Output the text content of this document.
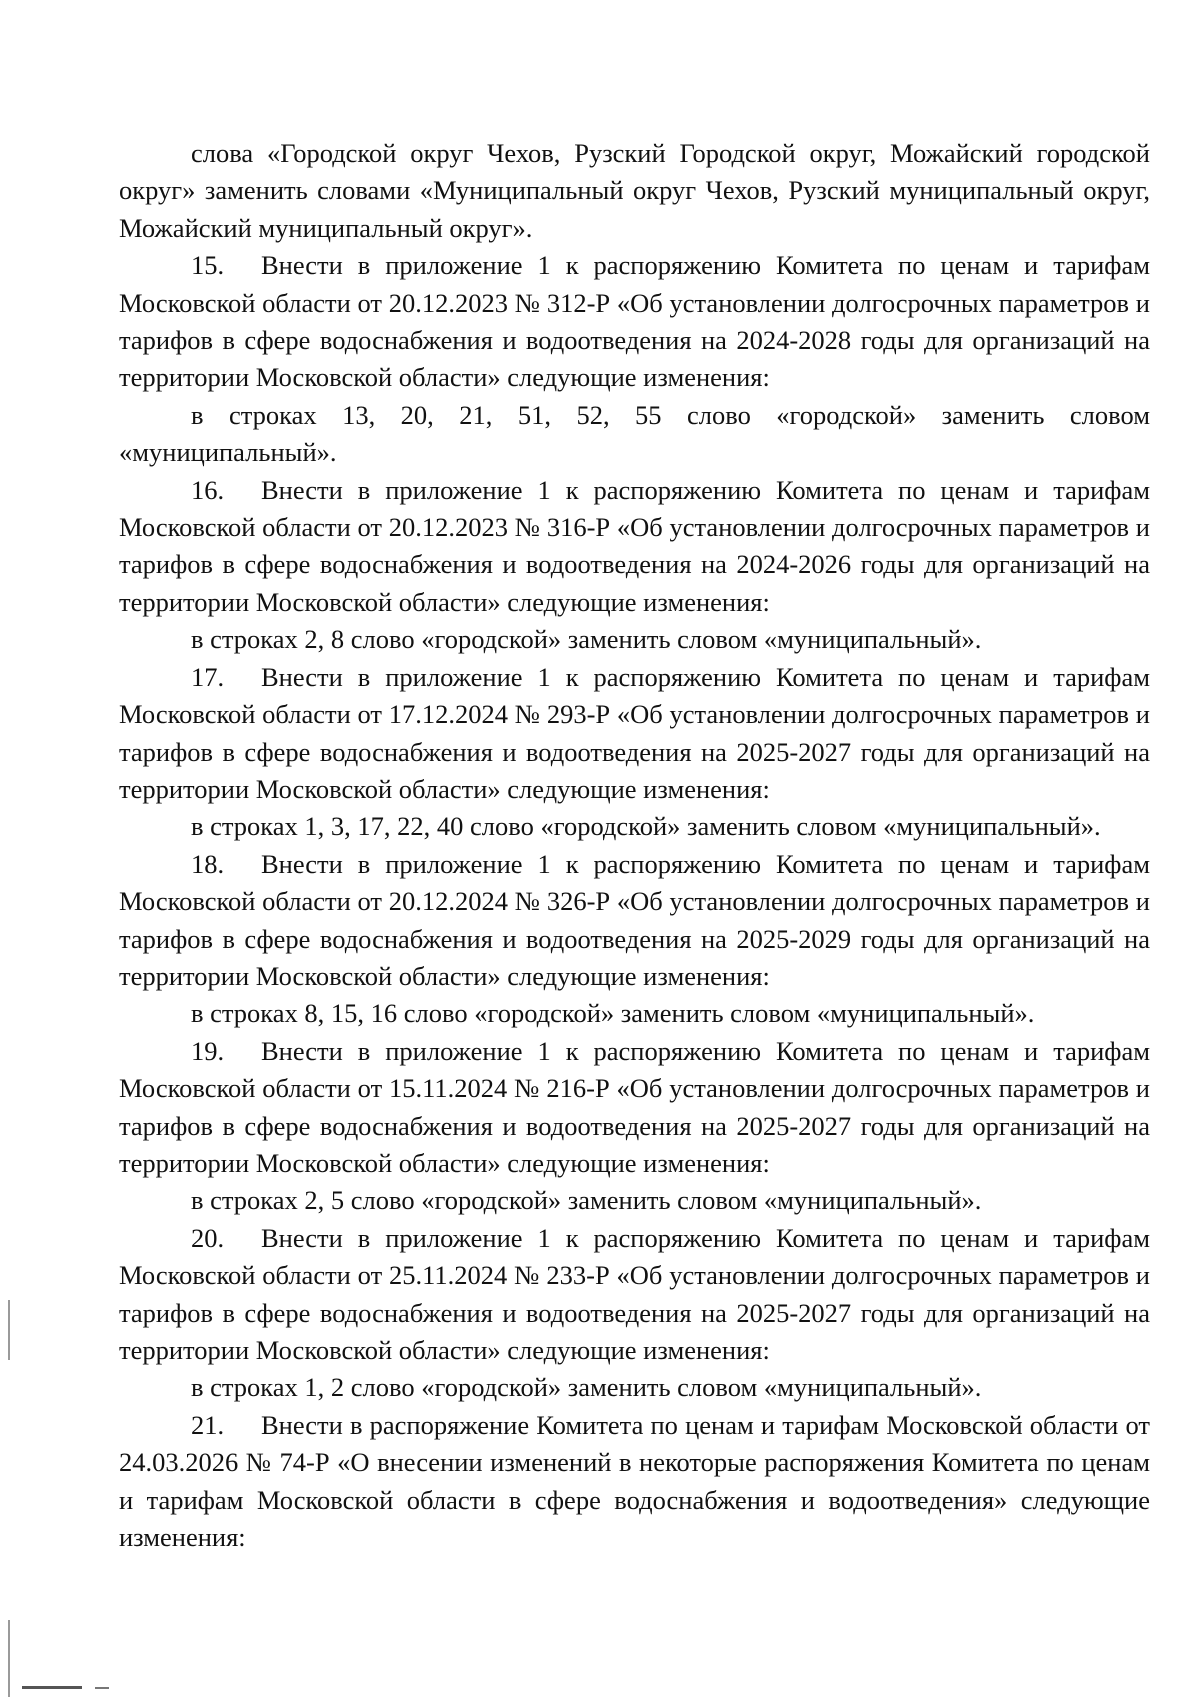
слова «Городской округ Чехов, Рузский Городской округ, Можайский городской округ» заменить словами «Муниципальный округ Чехов, Рузский муниципальный округ, Можайский муниципальный округ».

15. Внести в приложение 1 к распоряжению Комитета по ценам и тарифам Московской области от 20.12.2023 № 312-Р «Об установлении долгосрочных параметров и тарифов в сфере водоснабжения и водоотведения на 2024-2028 годы для организаций на территории Московской области» следующие изменения:

в строках 13, 20, 21, 51, 52, 55 слово «городской» заменить словом «муниципальный».

16. Внести в приложение 1 к распоряжению Комитета по ценам и тарифам Московской области от 20.12.2023 № 316-Р «Об установлении долгосрочных параметров и тарифов в сфере водоснабжения и водоотведения на 2024-2026 годы для организаций на территории Московской области» следующие изменения:

в строках 2, 8 слово «городской» заменить словом «муниципальный».

17. Внести в приложение 1 к распоряжению Комитета по ценам и тарифам Московской области от 17.12.2024 № 293-Р «Об установлении долгосрочных параметров и тарифов в сфере водоснабжения и водоотведения на 2025-2027 годы для организаций на территории Московской области» следующие изменения:

в строках 1, 3, 17, 22, 40 слово «городской» заменить словом «муниципальный».

18. Внести в приложение 1 к распоряжению Комитета по ценам и тарифам Московской области от 20.12.2024 № 326-Р «Об установлении долгосрочных параметров и тарифов в сфере водоснабжения и водоотведения на 2025-2029 годы для организаций на территории Московской области» следующие изменения:

в строках 8, 15, 16 слово «городской» заменить словом «муниципальный».

19. Внести в приложение 1 к распоряжению Комитета по ценам и тарифам Московской области от 15.11.2024 № 216-Р «Об установлении долгосрочных параметров и тарифов в сфере водоснабжения и водоотведения на 2025-2027 годы для организаций на территории Московской области» следующие изменения:

в строках 2, 5 слово «городской» заменить словом «муниципальный».

20. Внести в приложение 1 к распоряжению Комитета по ценам и тарифам Московской области от 25.11.2024 № 233-Р «Об установлении долгосрочных параметров и тарифов в сфере водоснабжения и водоотведения на 2025-2027 годы для организаций на территории Московской области» следующие изменения:

в строках 1, 2 слово «городской» заменить словом «муниципальный».

21. Внести в распоряжение Комитета по ценам и тарифам Московской области от 24.03.2026 № 74-Р «О внесении изменений в некоторые распоряжения Комитета по ценам и тарифам Московской области в сфере водоснабжения и водоотведения» следующие изменения:
